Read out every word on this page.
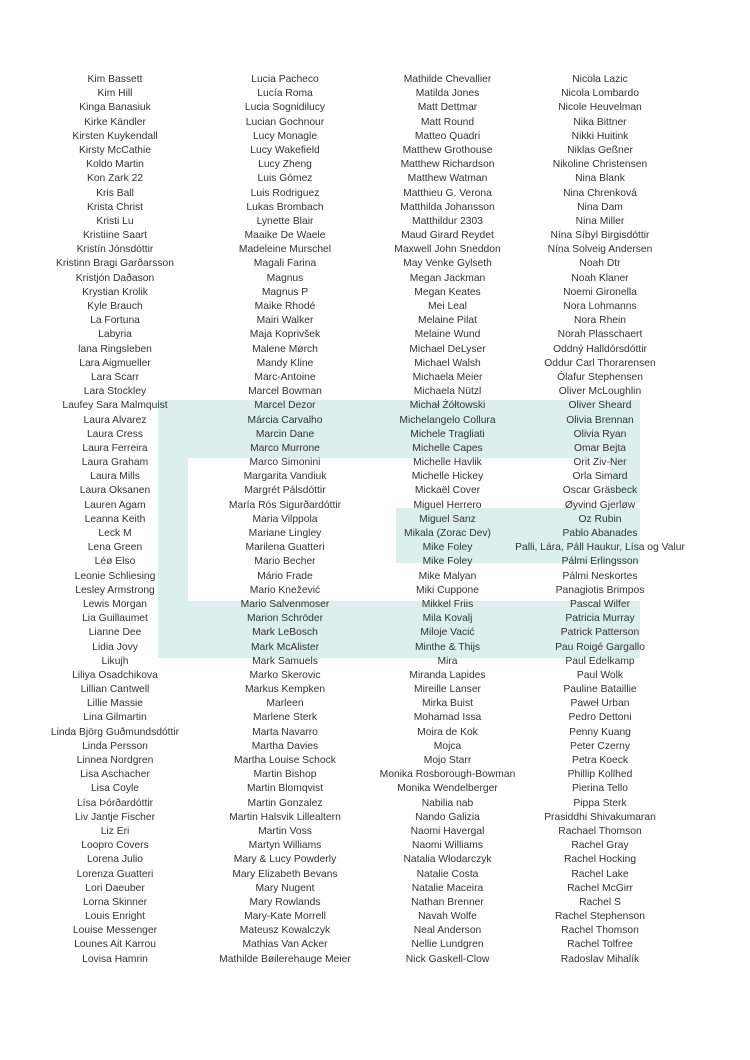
Kim Bassett
Kim Hill
Kinga Banasiuk
Kirke Kändler
Kirsten Kuykendall
Kirsty McCathie
Koldo Martin
Kon Zark 22
Kris Ball
Krista Christ
Kristi Lu
Kristiine Saart
Kristín Jónsdóttir
Kristinn Bragi Garðarsson
Kristjón Daðason
Krystian Krolik
Kyle Brauch
La Fortuna
Labyria
lana Ringsleben
Lara Aigmueller
Lara Scarr
Lara Stockley
Laufey Sara Malmquist
Laura Alvarez
Laura Cress
Laura Ferreira
Laura Graham
Laura Mills
Laura Oksanen
Lauren Agam
Leanna Keith
Leck M
Lena Green
Léø Elso
Leonie Schliesing
Lesley Armstrong
Lewis Morgan
Lia Guillaumet
Lianne Dee
Lidia Jovy
Likujh
Liliya Osadchikova
Lillian Cantwell
Lillie Massie
Lina Gilmartin
Linda Björg Guðmundsdóttir
Linda Persson
Linnea Nordgren
Lisa Aschacher
Lisa Coyle
Lísa Þórðardóttir
Liv Jantje Fischer
Liz Eri
Loopro Covers
Lorena Julio
Lorenza Guatteri
Lori Daeuber
Lorna Skinner
Louis Enright
Louise Messenger
Lounes Ait Karrou
Lovisa Hamrin
Lucia Pacheco
Lucía Roma
Lucia Sognidilucy
Lucian Gochnour
Lucy Monagle
Lucy Wakefield
Lucy Zheng
Luis Gómez
Luis Rodriguez
Lukas Brombach
Lynette Blair
Maaike De Waele
Madeleine Murschel
Magali Farina
Magnus
Magnus P
Maike Rhodé
Mairi Walker
Maja Koprivšek
Malene Mørch
Mandy Kline
Marc-Antoine
Marcel Bowman
Marcel Dezor
Márcia Carvalho
Marcin Dane
Marco Murrone
Marco Simonini
Margarita Vandiuk
Margrét Pálsdóttir
María Rós Sigurðardóttir
Maria Vilppola
Mariane Lingley
Marilena Guatteri
Mario Becher
Mário Frade
Mario Knežević
Mario Salvenmoser
Marion Schröder
Mark LeBosch
Mark McAlister
Mark Samuels
Marko Skerovic
Markus Kempken
Marleen
Marlene Sterk
Marta Navarro
Martha Davies
Martha Louise Schock
Martin Bishop
Martin Blomqvist
Martin Gonzalez
Martin Halsvik Lillealtern
Martin Voss
Martyn Williams
Mary & Lucy Powderly
Mary Elizabeth Bevans
Mary Nugent
Mary Rowlands
Mary-Kate Morrell
Mateusz Kowalczyk
Mathias Van Acker
Mathilde Bøilerehauge Meier
Mathilde Chevallier
Matilda Jones
Matt Dettmar
Matt Round
Matteo Quadri
Matthew Grothouse
Matthew Richardson
Matthew Watman
Matthieu G. Verona
Matthilda Johansson
Matthildur 2303
Maud Girard Reydet
Maxwell John Sneddon
May Venke Gylseth
Megan Jackman
Megan Keates
Mei Leal
Melaine Pilat
Melaine Wund
Michael DeLyser
Michael Walsh
Michaela Meier
Michaela Nützl
Michał Żółtowski
Michelangelo Collura
Michele Tragliati
Michelle Capes
Michelle Havlik
Michelle Hickey
Mickaël Cover
Miguel Herrero
Miguel Sanz
Mikala (Zorac Dev)
Mike Foley
Mike Foley
Mike Malyan
Miki Cuppone
Mikkel Friis
Mila Kovalj
Miloje Vacić
Minthe & Thijs
Mira
Miranda Lapides
Mireille Lanser
Mirka Buist
Mohamad Issa
Moira de Kok
Mojca
Mojo Starr
Monika Rosborough-Bowman
Monika Wendelberger
Nabilia nab
Nando Galizia
Naomi Havergal
Naomi Williams
Natalia Włodarczyk
Natalie Costa
Natalie Maceira
Nathan Brenner
Navah Wolfe
Neal Anderson
Nellie Lundgren
Nick Gaskell-Clow
Nicola Lazic
Nicola Lombardo
Nicole Heuvelman
Nika Bittner
Nikki Huitink
Niklas Geßner
Nikoline Christensen
Nina Blank
Nina Chrenková
Nina Dam
Nina Miller
Nína Síbyl Birgisdóttir
Nína Solveig Andersen
Noah Dtr
Noah Klaner
Noemi Gironella
Nora Lohmanns
Nora Rhein
Norah Plasschaert
Oddný Halldórsdóttir
Oddur Carl Thorarensen
Ólafur Stephensen
Oliver McLoughlin
Oliver Sheard
Olivia Brennan
Olivia Ryan
Omar Bejta
Orit Ziv-Ner
Orla Simard
Oscar Gräsbeck
Øyvind Gjerløw
Oz Rubin
Pablo Abanades
Palli, Lára, Páll Haukur, Lísa og Valur
Pálmi Erlingsson
Pálmi Neskortes
Panagiotis Brimpos
Pascal Wilfer
Patricia Murray
Patrick Patterson
Pau Roigé Gargallo
Paul Edelkamp
Paul Wolk
Pauline Bataillie
Paweł Urban
Pedro Dettoni
Penny Kuang
Peter Czerny
Petra Koeck
Phillip Kollhed
Pierina Tello
Pippa Sterk
Prasiddhi Shivakumaran
Rachael Thomson
Rachel Gray
Rachel Hocking
Rachel Lake
Rachel McGirr
Rachel S
Rachel Stephenson
Rachel Thomson
Rachel Tolfree
Radoslav Mihalík
